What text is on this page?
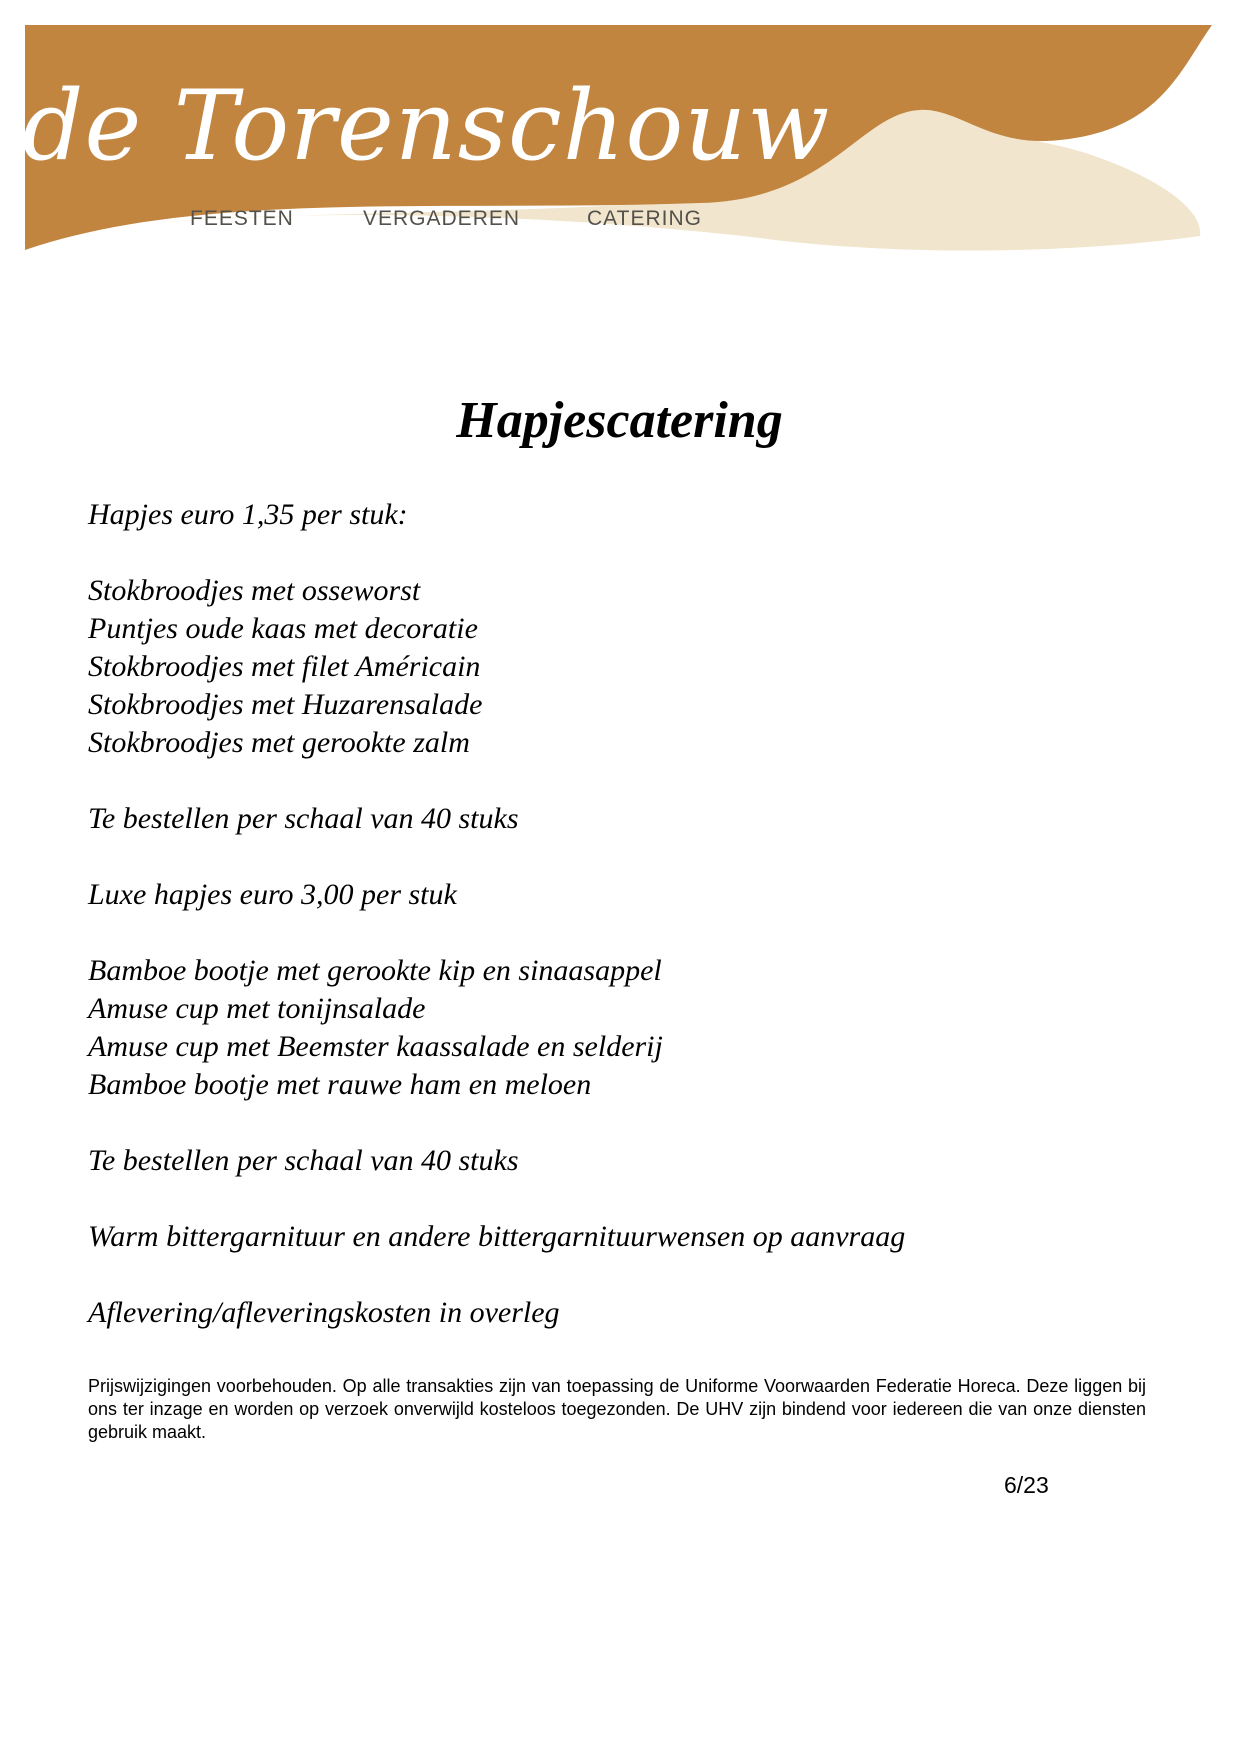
de Torenschouw
FEESTEN	VERGADEREN	CATERING
Hapjescatering

Hapjes euro 1,35 per stuk:

Stokbroodjes met osseworst

Puntjes oude kaas met decoratie

Stokbroodjes met filet Américain

Stokbroodjes met Huzarensalade

Stokbroodjes met gerookte zalm

Te bestellen per schaal van 40 stuks

Luxe hapjes euro 3,00 per stuk

Bamboe bootje met gerookte kip en sinaasappel

Amuse cup met tonijnsalade

Amuse cup met Beemster kaassalade en selderij

Bamboe bootje met rauwe ham en meloen

Te bestellen per schaal van 40 stuks

Warm bittergarnituur en andere bittergarnituurwensen op aanvraag

Aflevering/afleveringskosten in overleg

Prijswijzigingen voorbehouden. Op alle transakties zijn van toepassing de Uniforme Voorwaarden Federatie Horeca. Deze liggen bij ons ter inzage en worden op verzoek onverwijld kosteloos toegezonden. De UHV zijn bindend voor iedereen die van onze diensten gebruik maakt.

6/23
